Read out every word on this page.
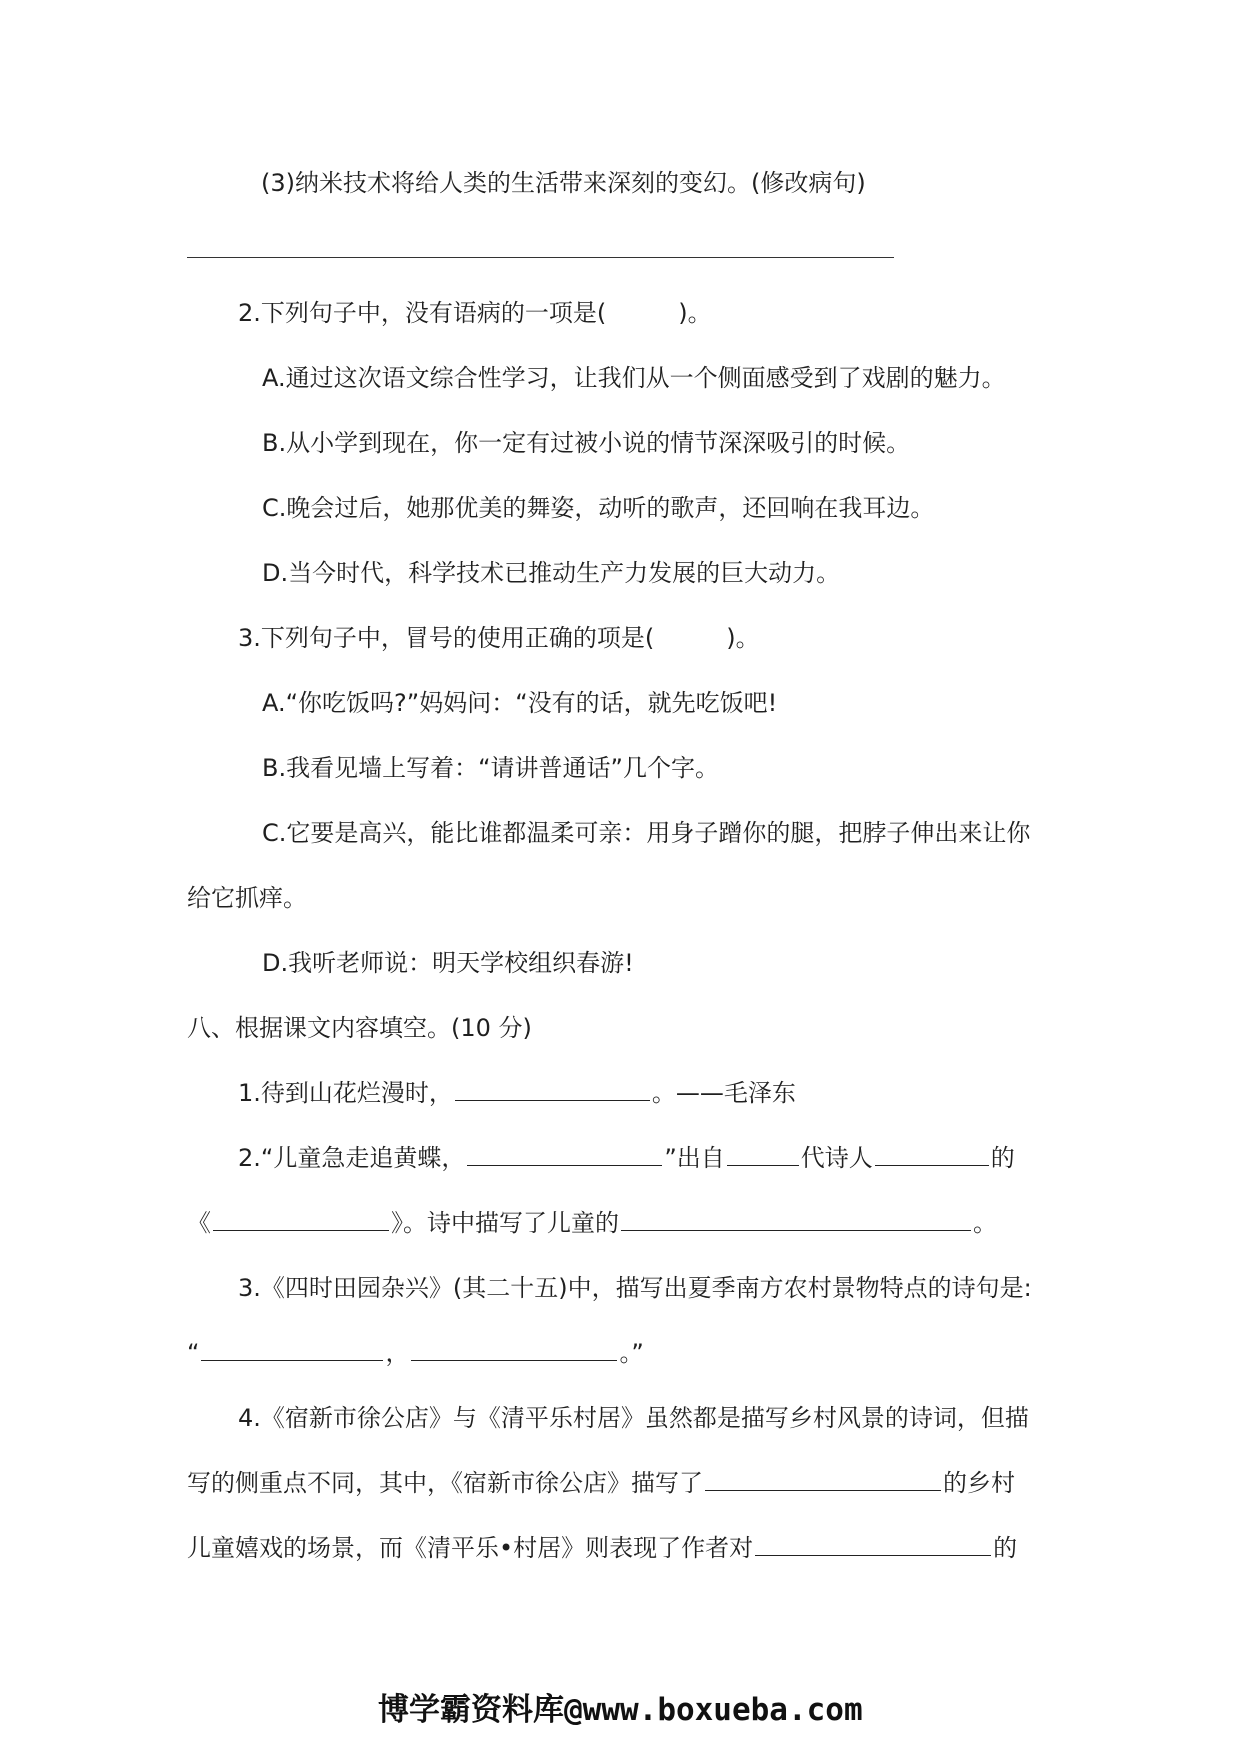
(3)纳米技术将给人类的生活带来深刻的变幻。(修改病句)
2.下列句子中，没有语病的一项是(	)。
A.通过这次语文综合性学习，让我们从一个侧面感受到了戏剧的魅力。
B.从小学到现在，你一定有过被小说的情节深深吸引的时候。
C.晚会过后，她那优美的舞姿，动听的歌声，还回响在我耳边。
D.当今时代，科学技术已推动生产力发展的巨大动力。
3.下列句子中，冒号的使用正确的项是(	)。
A.“你吃饭吗?”妈妈问：“没有的话，就先吃饭吧!
B.我看见墙上写着：“请讲普通话”几个字。
C.它要是高兴，能比谁都温柔可亲：用身子蹭你的腿，把脖子伸出来让你
给它抓痒。
D.我听老师说：明天学校组织春游!
八、根据课文内容填空。(10 分)
1.待到山花烂漫时，	。——毛泽东
2.“儿童急走追黄蝶，	”出自	代诗人	的
《	》。诗中描写了儿童的	。
3.《四时田园杂兴》(其二十五)中，描写出夏季南方农村景物特点的诗句是:
“	，	。”
4.《宿新市徐公店》与《清平乐村居》虽然都是描写乡村风景的诗词，但描
写的侧重点不同，其中，《宿新市徐公店》描写了	的乡村
儿童嬉戏的场景，而《清平乐•村居》则表现了作者对	的
博学霸资料库@www.boxueba.com
